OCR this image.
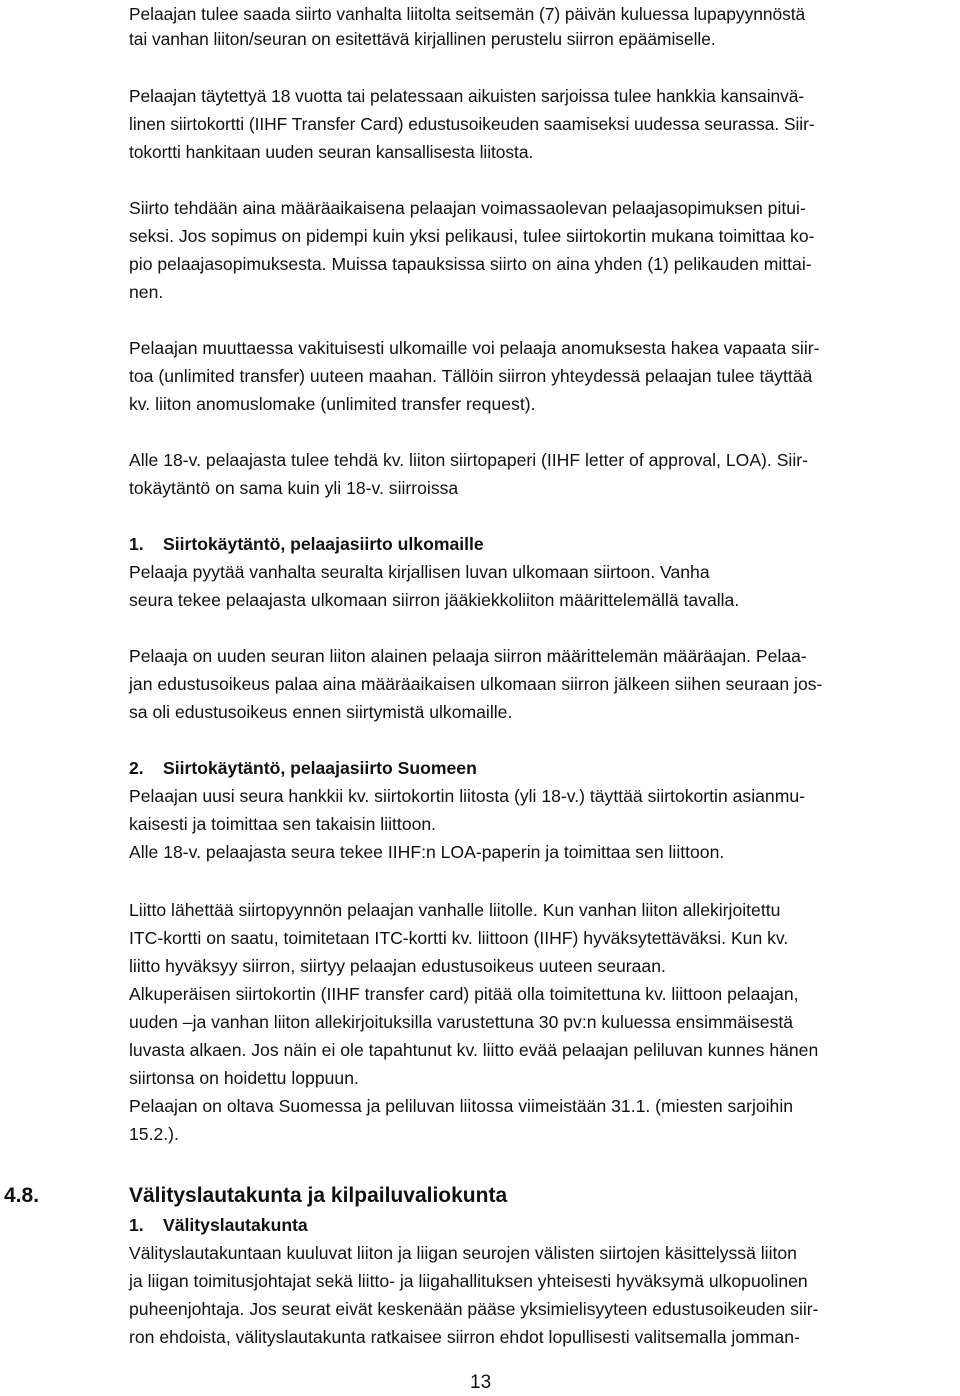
Pelaajan tulee saada siirto vanhalta liitolta seitsemän (7) päivän kuluessa lupapyynnöstä

tai vanhan liiton/seuran on esitettävä kirjallinen perustelu siirron epäämiselle.

Pelaajan täytettyä 18 vuotta tai pelatessaan aikuisten sarjoissa tulee hankkia kansainvä-

linen siirtokortti (IIHF Transfer Card) edustusoikeuden saamiseksi uudessa seurassa. Siir-

tokortti hankitaan uuden seuran kansallisesta liitosta.

Siirto tehdään aina määräaikaisena pelaajan voimassaolevan pelaajasopimuksen pitui-

seksi. Jos sopimus on pidempi kuin yksi pelikausi, tulee siirtokortin mukana toimittaa ko-

pio pelaajasopimuksesta. Muissa tapauksissa siirto on aina yhden (1) pelikauden mittai-

nen.

Pelaajan muuttaessa vakituisesti ulkomaille voi pelaaja anomuksesta hakea vapaata siir-

toa (unlimited transfer) uuteen maahan. Tällöin siirron yhteydessä pelaajan tulee täyttää

kv. liiton anomuslomake (unlimited transfer request).

Alle 18-v. pelaajasta tulee tehdä kv. liiton siirtopaperi (IIHF letter of approval, LOA). Siir-

tokäytäntö on sama kuin yli 18-v. siirroissa

1. Siirtokäytäntö, pelaajasiirto ulkomaille

Pelaaja pyytää vanhalta seuralta kirjallisen luvan ulkomaan siirtoon. Vanha

seura tekee pelaajasta ulkomaan siirron jääkiekkoliiton määrittelemällä tavalla.

Pelaaja on uuden seuran liiton alainen pelaaja siirron määrittelemän määräajan. Pelaa-

jan edustusoikeus palaa aina määräaikaisen ulkomaan siirron jälkeen siihen seuraan jos-

sa oli edustusoikeus ennen siirtymistä ulkomaille.

2. Siirtokäytäntö, pelaajasiirto Suomeen

Pelaajan uusi seura hankkii kv. siirtokortin liitosta (yli 18-v.) täyttää siirtokortin asianmu-

kaisesti ja toimittaa sen takaisin liittoon.

Alle 18-v. pelaajasta seura tekee IIHF:n LOA-paperin ja toimittaa sen liittoon.

Liitto lähettää siirtopyynnön pelaajan vanhalle liitolle. Kun vanhan liiton allekirjoitettu

ITC-kortti on saatu, toimitetaan ITC-kortti kv. liittoon (IIHF) hyväksytettäväksi. Kun kv.

liitto hyväksyy siirron, siirtyy pelaajan edustusoikeus uuteen seuraan.

Alkuperäisen siirtokortin (IIHF transfer card) pitää olla toimitettuna kv. liittoon pelaajan,

uuden –ja vanhan liiton allekirjoituksilla varustettuna 30 pv:n kuluessa ensimmäisestä

luvasta alkaen. Jos näin ei ole tapahtunut kv. liitto evää pelaajan peliluvan kunnes hänen

siirtonsa on hoidettu loppuun.

Pelaajan on oltava Suomessa ja peliluvan liitossa viimeistään 31.1. (miesten sarjoihin

15.2.).

4.8.	Välityslautakunta ja kilpailuvaliokunta

1. Välityslautakunta

Välityslautakuntaan kuuluvat liiton ja liigan seurojen välisten siirtojen käsittelyssä liiton

ja liigan toimitusjohtajat sekä liitto- ja liigahallituksen yhteisesti hyväksymä ulkopuolinen

puheenjohtaja. Jos seurat eivät keskenään pääse yksimielisyyteen edustusoikeuden siir-

ron ehdoista, välityslautakunta ratkaisee siirron ehdot lopullisesti valitsemalla jomman-

13
